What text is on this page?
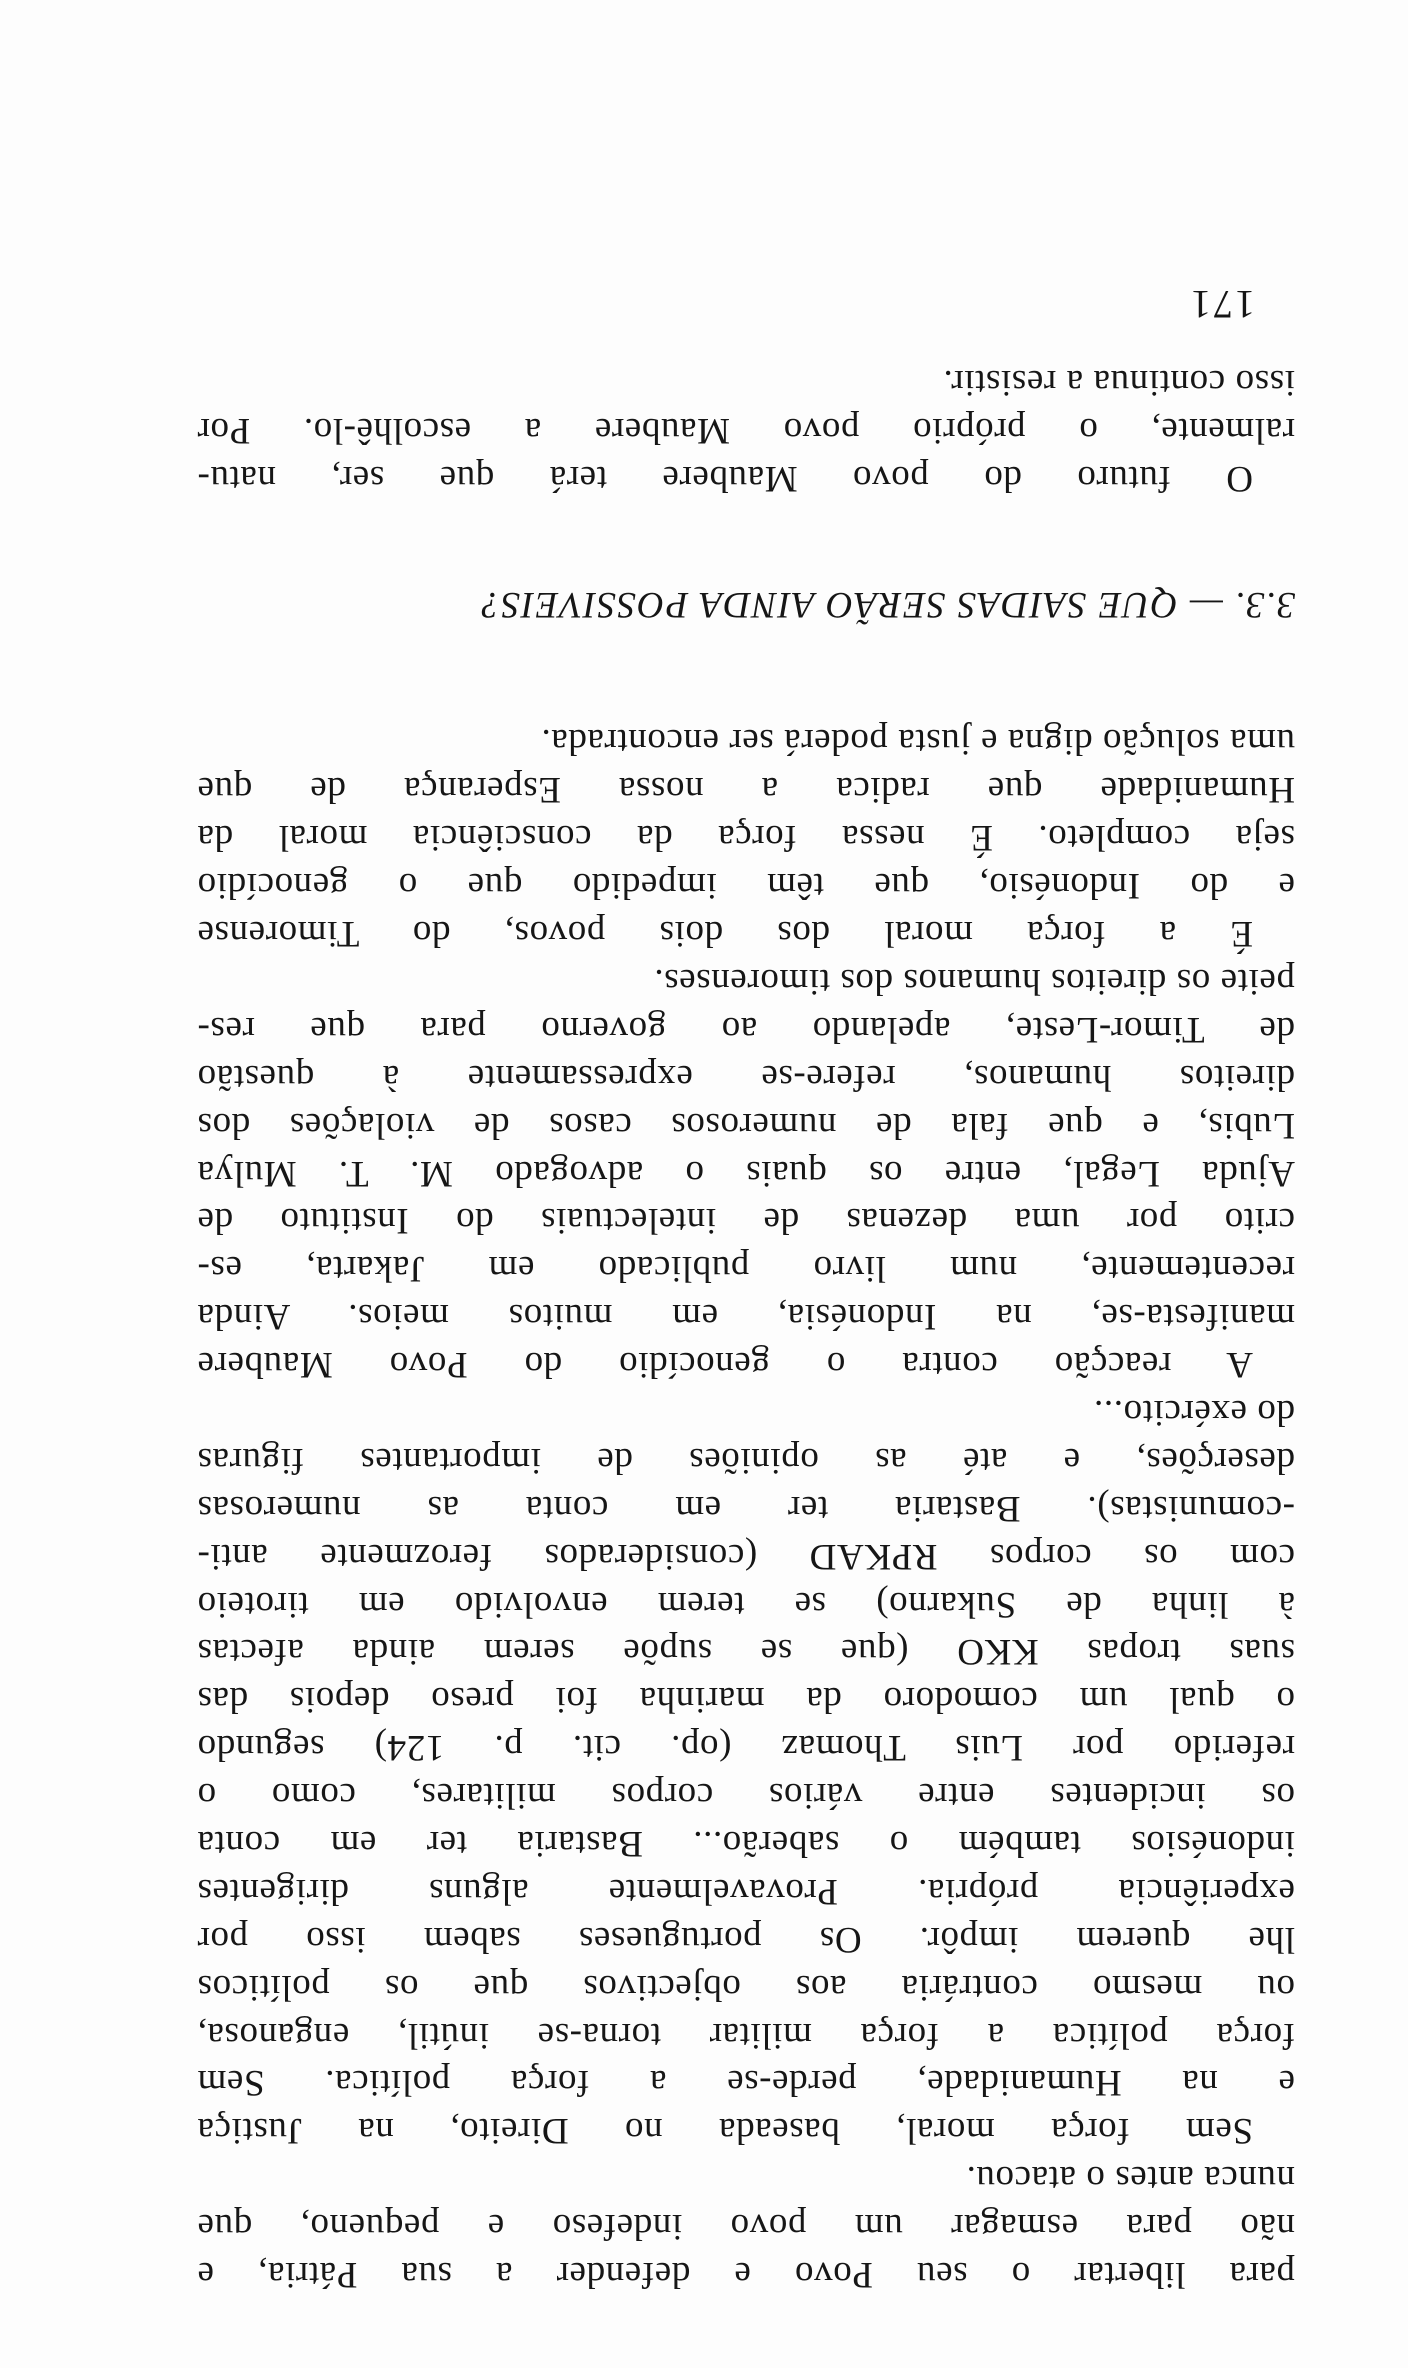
para libertar o seu Povo e defender a sua Pátria, e
não para esmagar um povo indefeso e pequeno, que
nunca antes o atacou.
Sem força moral, baseada no Direito, na Justiça
e na Humanidade, perde-se a força política. Sem
força política a força militar torna-se inútil, enganosa,
ou mesmo contrária aos objectivos que os políticos
lhe querem impôr. Os portugueses sabem isso por
experiência própria. Provavelmente alguns dirigentes
indonésios também o saberão... Bastaria ter em conta
os incidentes entre vários corpos militares, como o
referido por Luis Thomaz (op. cit. p. 124) segundo
o qual um comodoro da marinha foi preso depois das
suas tropas KKO (que se supõe serem ainda afectas
à linha de Sukarno) se terem envolvido em tiroteio
com os corpos RPKAD (considerados ferozmente anti-
-comunistas). Bastaria ter em conta as numerosas
deserções, e até as opiniões de importantes figuras
do exército...
A reacção contra o genocídio do Povo Maubere
manifesta-se, na Indonésia, em muitos meios. Ainda
recentemente, num livro publicado em Jakarta, es-
crito por uma dezenas de intelectuais do Instituto de
Ajuda Legal, entre os quais o advogado M. T. Mulya
Lubis, e que fala de numerosos casos de violações dos
direitos humanos, refere-se expressamente à questão
de Timor-Leste, apelando ao governo para que res-
peite os direitos humanos dos timorenses.
É a força moral dos dois povos, do Timorense
e do Indonésio, que têm impedido que o genocídio
seja completo. É nessa força da consciência moral da
Humanidade que radica a nossa Esperança de que
uma solução digna e justa poderá ser encontrada.
3.3. — QUE SAIDAS SERÃO AINDA POSSIVEIS?
O futuro do povo Maubere terá que ser, natu-
ralmente, o próprio povo Maubere a escolhê-lo. Por
isso continua a resistir.
171
